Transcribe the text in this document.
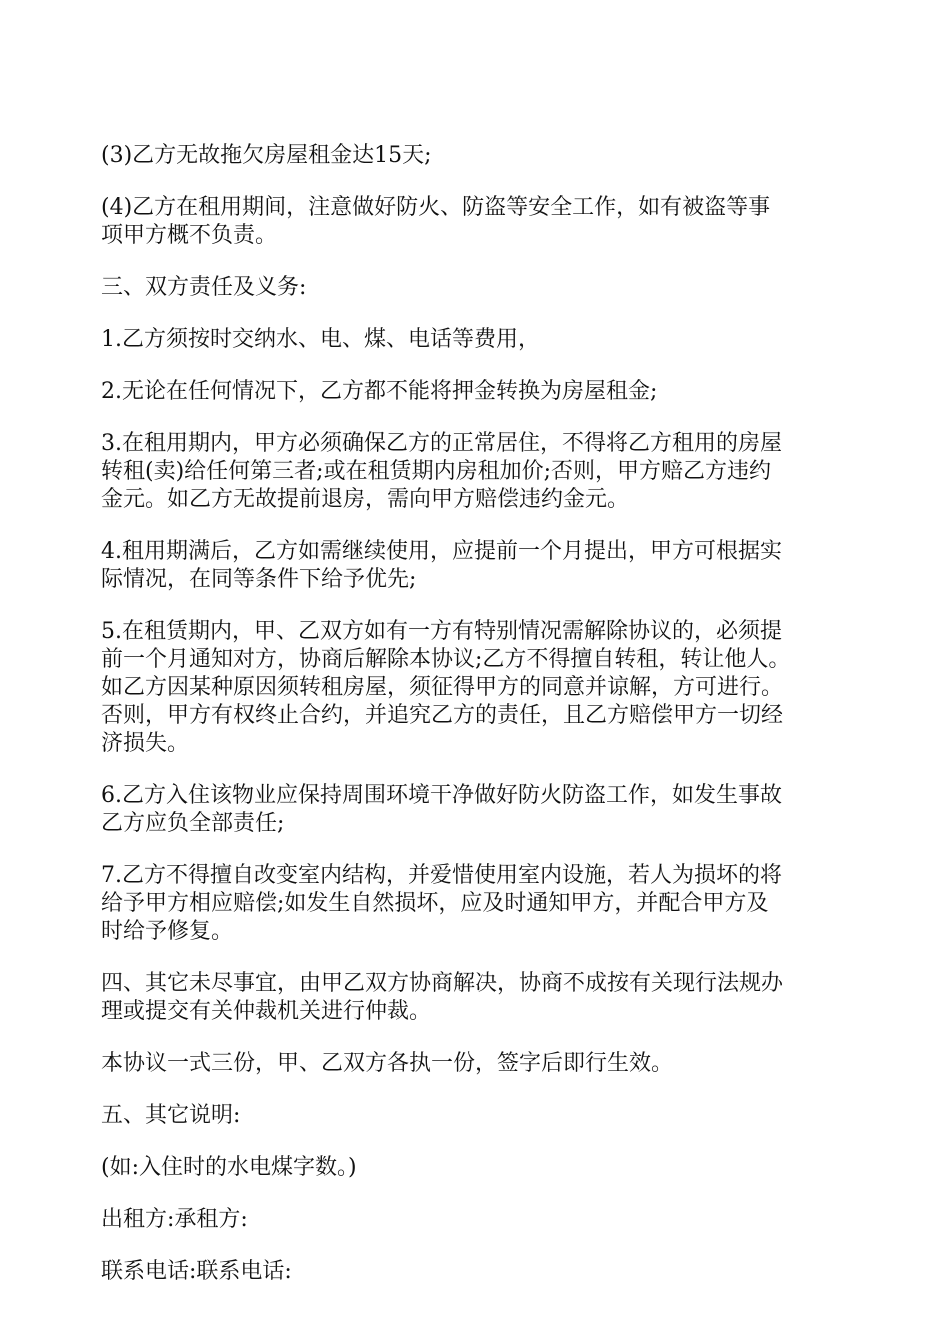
(3)乙方无故拖欠房屋租金达15天;

(4)乙方在租用期间，注意做好防火、防盗等安全工作，如有被盗等事
项甲方概不负责。

三、双方责任及义务:

1.乙方须按时交纳水、电、煤、电话等费用，

2.无论在任何情况下，乙方都不能将押金转换为房屋租金;

3.在租用期内，甲方必须确保乙方的正常居住，不得将乙方租用的房屋
转租(卖)给任何第三者;或在租赁期内房租加价;否则，甲方赔乙方违约
金元。如乙方无故提前退房，需向甲方赔偿违约金元。

4.租用期满后，乙方如需继续使用，应提前一个月提出，甲方可根据实
际情况，在同等条件下给予优先;

5.在租赁期内，甲、乙双方如有一方有特别情况需解除协议的，必须提
前一个月通知对方，协商后解除本协议;乙方不得擅自转租，转让他人。
如乙方因某种原因须转租房屋，须征得甲方的同意并谅解，方可进行。
否则，甲方有权终止合约，并追究乙方的责任，且乙方赔偿甲方一切经
济损失。

6.乙方入住该物业应保持周围环境干净做好防火防盗工作，如发生事故
乙方应负全部责任;

7.乙方不得擅自改变室内结构，并爱惜使用室内设施，若人为损坏的将
给予甲方相应赔偿;如发生自然损坏，应及时通知甲方，并配合甲方及
时给予修复。

四、其它未尽事宜，由甲乙双方协商解决，协商不成按有关现行法规办
理或提交有关仲裁机关进行仲裁。

本协议一式三份，甲、乙双方各执一份，签字后即行生效。

五、其它说明:

(如:入住时的水电煤字数。)

出租方:承租方:

联系电话:联系电话:
